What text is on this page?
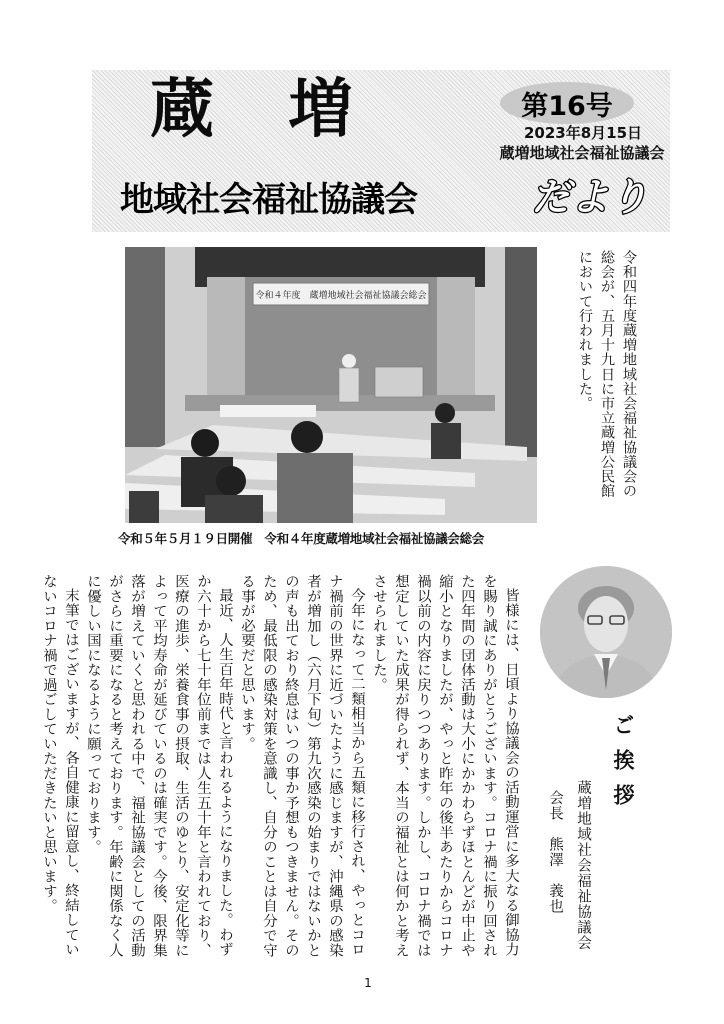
蔵 増	第16号
2023年8月15日
蔵増地域社会福祉協議会
地域社会福祉協議会	だより
令和４年度　蔵増地域社会福祉協議会総会
令和５年５月１９日開催　令和４年度蔵増地域社会福祉協議会総会
令和四年度蔵増地域社会福祉協議会の総会が、五月十九日に市立蔵増公民館において行われました。
ご挨拶
蔵増地域社会福祉協議会
会長　熊澤　義也

皆様には、日頃より協議会の活動運営に多大なる御協力を賜り誠にありがとうございます。コロナ禍に振り回された四年間の団体活動は大小にかかわらずほとんどが中止や縮小となりましたが、やっと昨年の後半あたりからコロナ禍以前の内容に戻りつつあります。しかし、コロナ禍では想定していた成果が得られず、本当の福祉とは何かと考えさせられました。

今年になって二類相当から五類に移行され、やっとコロナ禍前の世界に近づいたように感じますが、沖縄県の感染者が増加し（六月下旬）第九次感染の始まりではないかとの声も出ており終息はいつの事か予想もつきません。そのため、最低限の感染対策を意識し、自分のことは自分で守る事が必要だと思います。

最近、人生百年時代と言われるようになりました。わずか六十から七十年位前までは人生五十年と言われており、医療の進歩、栄養食事の摂取、生活のゆとり、安定化等によって平均寿命が延びているのは確実です。今後、限界集落が増えていくと思われる中で、福祉協議会としての活動がさらに重要になると考えております。年齢に関係なく人に優しい国になるように願っております。

末筆ではございますが、各自健康に留意し、終結していないコロナ禍で過ごしていただきたいと思います。

1
